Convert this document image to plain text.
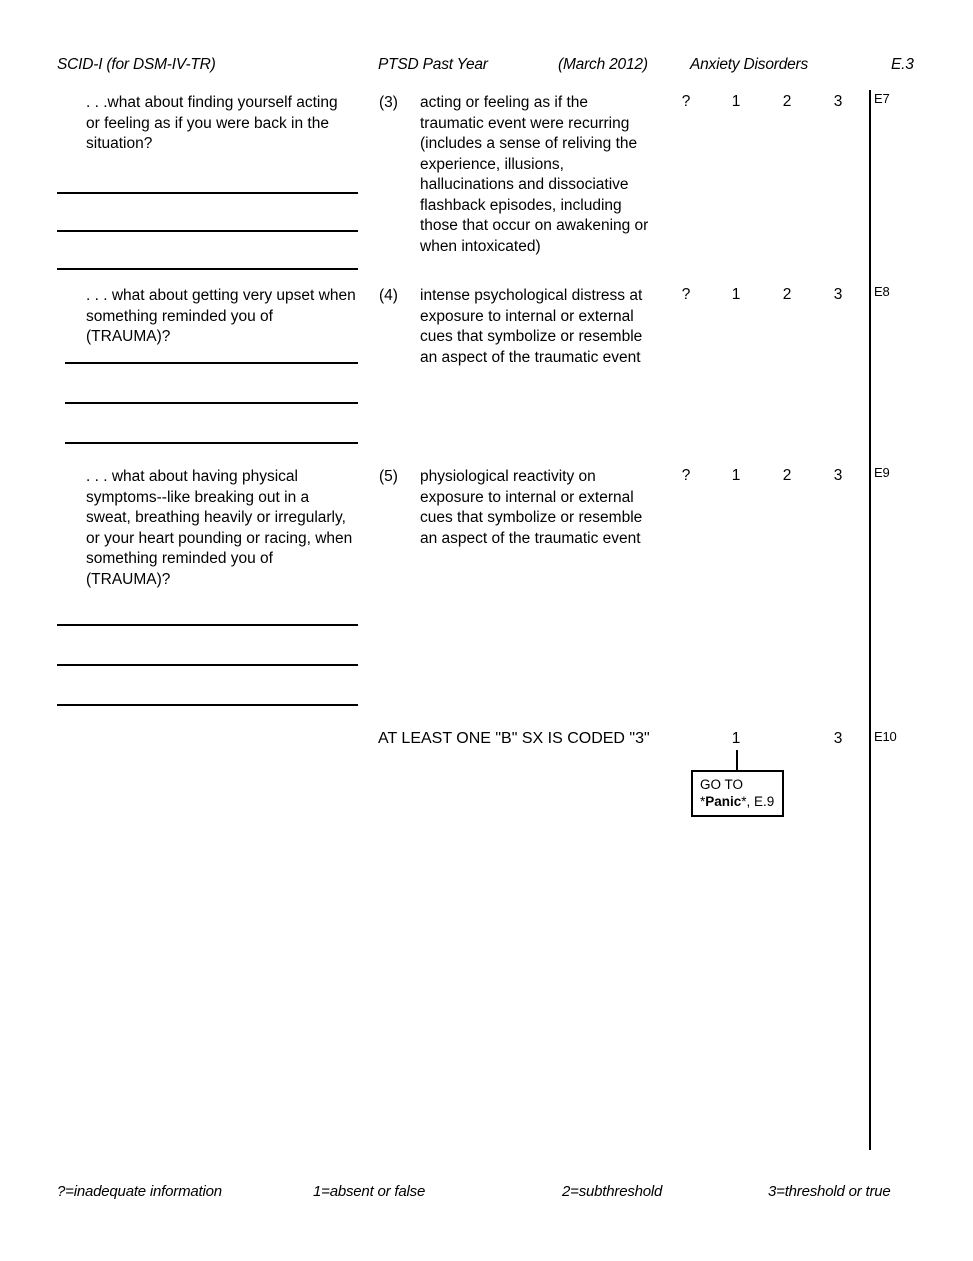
SCID-I (for DSM-IV-TR)	PTSD Past Year	(March 2012)	Anxiety Disorders	E.3
. . .what about finding yourself acting or feeling as if you were back in the situation?
(3) acting or feeling as if the traumatic event were recurring (includes a sense of reliving the experience, illusions, hallucinations and dissociative flashback episodes, including those that occur on awakening or when intoxicated)
?	1	2	3 E7
. . . what about getting very upset when something reminded you of (TRAUMA)?
(4) intense psychological distress at exposure to internal or external cues that symbolize or resemble an aspect of the traumatic event
?	1	2	3 E8
. . . what about having physical symptoms--like breaking out in a sweat, breathing heavily or irregularly, or your heart pounding or racing, when something reminded you of (TRAUMA)?
(5) physiological reactivity on exposure to internal or external cues that symbolize or resemble an aspect of the traumatic event
?	1	2	3 E9
AT LEAST ONE "B" SX IS CODED "3"	1	3 E10
GO TO
*Panic*, E.9
?=inadequate information	1=absent or false	2=subthreshold	3=threshold or true
